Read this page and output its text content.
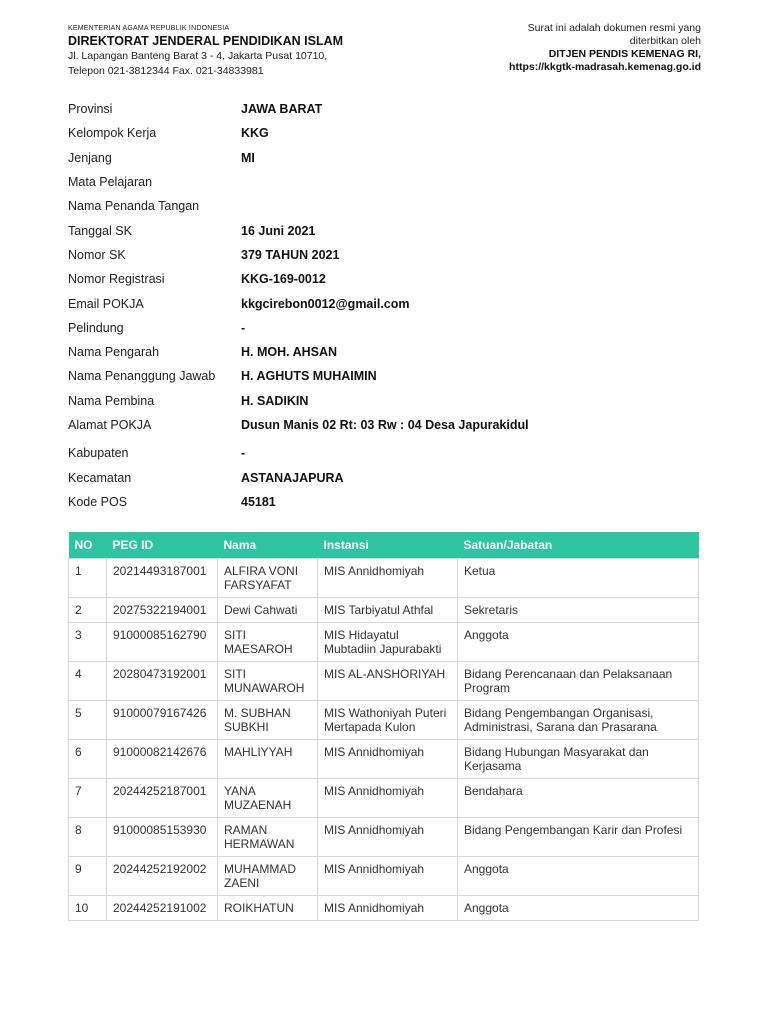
KEMENTERIAN AGAMA REPUBLIK INDONESIA
DIREKTORAT JENDERAL PENDIDIKAN ISLAM
Jl. Lapangan Banteng Barat 3 - 4, Jakarta Pusat 10710,
Telepon 021-3812344 Fax. 021-34833981
Surat ini adalah dokumen resmi yang
diterbitkan oleh
DITJEN PENDIS KEMENAG RI,
https://kkgtk-madrasah.kemenag.go.id
Provinsi	JAWA BARAT
Kelompok Kerja	KKG
Jenjang	MI
Mata Pelajaran
Nama Penanda Tangan
Tanggal SK	16 Juni 2021
Nomor SK	379 TAHUN 2021
Nomor Registrasi	KKG-169-0012
Email POKJA	kkgcirebon0012@gmail.com
Pelindung	-
Nama Pengarah	H. MOH. AHSAN
Nama Penanggung Jawab	H. AGHUTS MUHAIMIN
Nama Pembina	H. SADIKIN
Alamat POKJA	Dusun Manis 02 Rt: 03 Rw : 04 Desa Japurakidul
Kabupaten	-
Kecamatan	ASTANAJAPURA
Kode POS	45181
NO	PEG ID	Nama	Instansi	Satuan/Jabatan
1	20214493187001	ALFIRA VONI FARSYAFAT	MIS Annidhomiyah	Ketua
2	20275322194001	Dewi Cahwati	MIS Tarbiyatul Athfal	Sekretaris
3	91000085162790	SITI MAESAROH	MIS Hidayatul Mubtadiin Japurabakti	Anggota
4	20280473192001	SITI MUNAWAROH	MIS AL-ANSHORIYAH	Bidang Perencanaan dan Pelaksanaan Program
5	91000079167426	M. SUBHAN SUBKHI	MIS Wathoniyah Puteri Mertapada Kulon	Bidang Pengembangan Organisasi, Administrasi, Sarana dan Prasarana
6	91000082142676	MAHLIYYAH	MIS Annidhomiyah	Bidang Hubungan Masyarakat dan Kerjasama
7	20244252187001	YANA MUZAENAH	MIS Annidhomiyah	Bendahara
8	91000085153930	RAMAN HERMAWAN	MIS Annidhomiyah	Bidang Pengembangan Karir dan Profesi
9	20244252192002	MUHAMMAD ZAENI	MIS Annidhomiyah	Anggota
10	20244252191002	ROIKHATUN	MIS Annidhomiyah	Anggota
